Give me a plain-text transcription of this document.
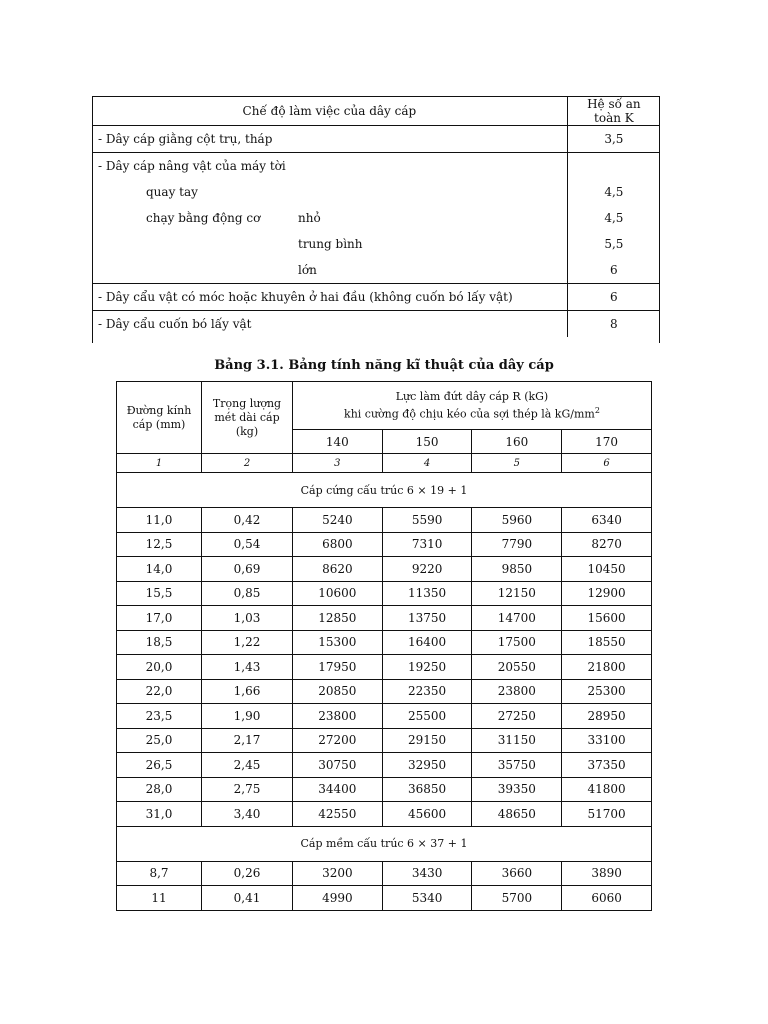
Chế độ làm việc của dây cáp	Hệ số an toàn K
- Dây cáp giằng cột trụ, tháp	3,5
- Dây cáp nâng vật của máy tời	
quay tay	4,5
chạy bằng động cơ nhỏ	4,5
trung bình	5,5
lớn	6
- Dây cẩu vật có móc hoặc khuyên ở hai đầu (không cuốn bó lấy vật)	6
- Dây cẩu cuốn bó lấy vật	8
Bảng 3.1. Bảng tính năng kĩ thuật của dây cáp
Đường kính cáp (mm)	Trọng lượng mét dài cáp (kg)	Lực làm đứt dây cáp R (kG)
khi cường độ chịu kéo của sợi thép là $kG/mm^2$
		140	150	160	170
1	2	3	4	5	6
Cáp cứng cấu trúc 6 × 19 + 1					
11,0	0,42	5240	5590	5960	6340
12,5	0,54	6800	7310	7790	8270
14,0	0,69	8620	9220	9850	10450
15,5	0,85	10600	11350	12150	12900
17,0	1,03	12850	13750	14700	15600
18,5	1,22	15300	16400	17500	18550
20,0	1,43	17950	19250	20550	21800
22,0	1,66	20850	22350	23800	25300
23,5	1,90	23800	25500	27250	28950
25,0	2,17	27200	29150	31150	33100
26,5	2,45	30750	32950	35750	37350
28,0	2,75	34400	36850	39350	41800
31,0	3,40	42550	45600	48650	51700
Cáp mềm cấu trúc 6 × 37 + 1					
8,7	0,26	3200	3430	3660	3890
11	0,41	4990	5340	5700	6060
